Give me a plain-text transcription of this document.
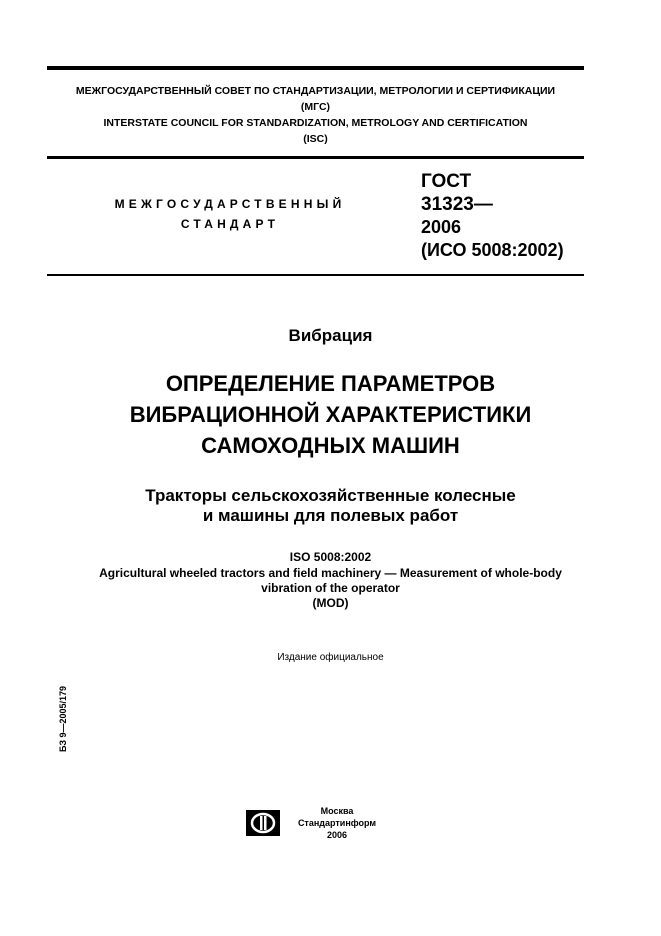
МЕЖГОСУДАРСТВЕННЫЙ СОВЕТ ПО СТАНДАРТИЗАЦИИ, МЕТРОЛОГИИ И СЕРТИФИКАЦИИ
(МГС)
INTERSTATE COUNCIL FOR STANDARDIZATION, METROLOGY AND CERTIFICATION
(ISC)
МЕЖГОСУДАРСТВЕННЫЙ
СТАНДАРТ
ГОСТ
31323—
2006
(ИСО 5008:2002)
Вибрация
ОПРЕДЕЛЕНИЕ ПАРАМЕТРОВ
ВИБРАЦИОННОЙ ХАРАКТЕРИСТИКИ
САМОХОДНЫХ МАШИН
Тракторы сельскохозяйственные колесные
и машины для полевых работ
ISO 5008:2002
Agricultural wheeled tractors and field machinery — Measurement of whole-body
vibration of the operator
(MOD)
Издание официальное
БЗ 9—2005/179
Москва
Стандартинформ
2006
